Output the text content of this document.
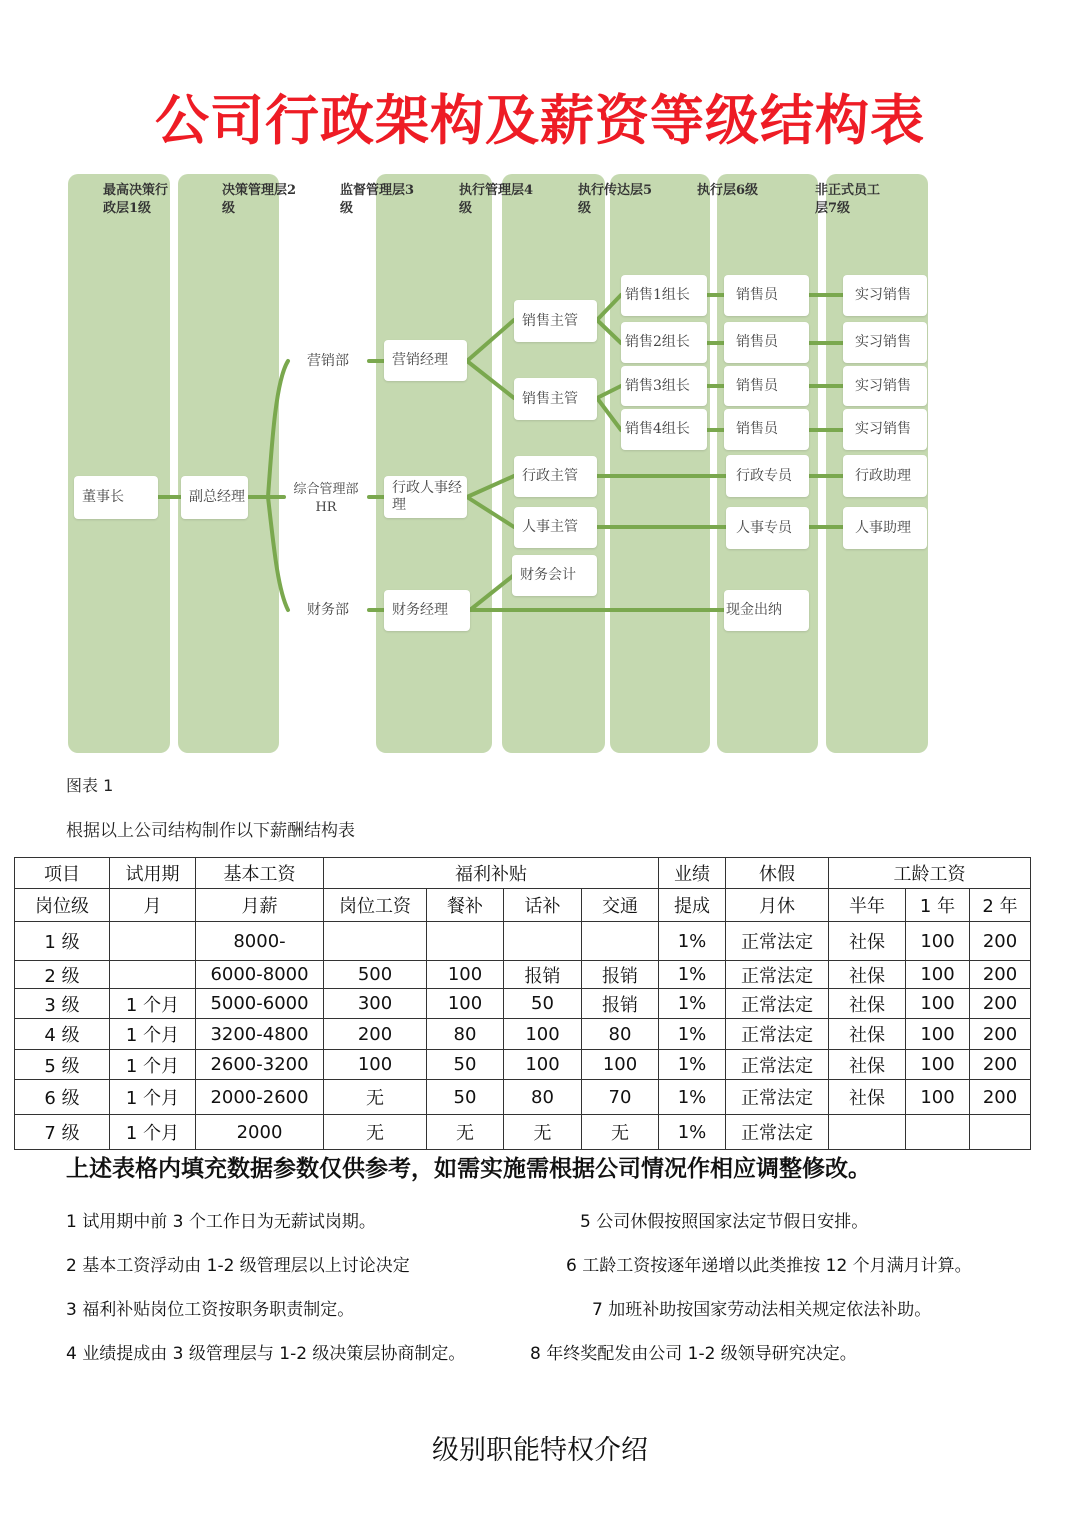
公司行政架构及薪资等级结构表
最高决策行
政层1级
决策管理层2
级
监督管理层3
级
执行管理层4
级
执行传达层5
级
执行层6级	非正式员工
层7级
董事长	副总经理
营销部
综合管理部
HR
财务部
营销经理
行政人事经
理
财务经理
销售主管
销售主管
行政主管
人事主管
财务会计
销售1组长
销售2组长
销售3组长
销售4组长
销售员
销售员
销售员
销售员
行政专员
人事专员
现金出纳
实习销售
实习销售
实习销售
实习销售
行政助理
人事助理
图表 1
根据以上公司结构制作以下薪酬结构表
项目	试用期	基本工资	福利补贴				业绩	休假	工龄工资		
岗位级	月	月薪	岗位工资	餐补	话补	交通	提成	月休	半年	1 年	2 年
1 级		8000-					1%	正常法定	社保	100	200
2 级		6000-8000	500	100	报销	报销	1%	正常法定	社保	100	200
3 级	1 个月	5000-6000	300	100	50	报销	1%	正常法定	社保	100	200
4 级	1 个月	3200-4800	200	80	100	80	1%	正常法定	社保	100	200
5 级	1 个月	2600-3200	100	50	100	100	1%	正常法定	社保	100	200
6 级	1 个月	2000-2600	无	50	80	70	1%	正常法定	社保	100	200
7 级	1 个月	2000	无	无	无	无	1%	正常法定			
上述表格内填充数据参数仅供参考，如需实施需根据公司情况作相应调整修改。
1 试用期中前 3 个工作日为无薪试岗期。	5 公司休假按照国家法定节假日安排。
2 基本工资浮动由 1-2 级管理层以上讨论决定	6 工龄工资按逐年递增以此类推按 12 个月满月计算。
3 福利补贴岗位工资按职务职责制定。	7 加班补助按国家劳动法相关规定依法补助。
4 业绩提成由 3 级管理层与 1-2 级决策层协商制定。	8 年终奖配发由公司 1-2 级领导研究决定。
级别职能特权介绍
